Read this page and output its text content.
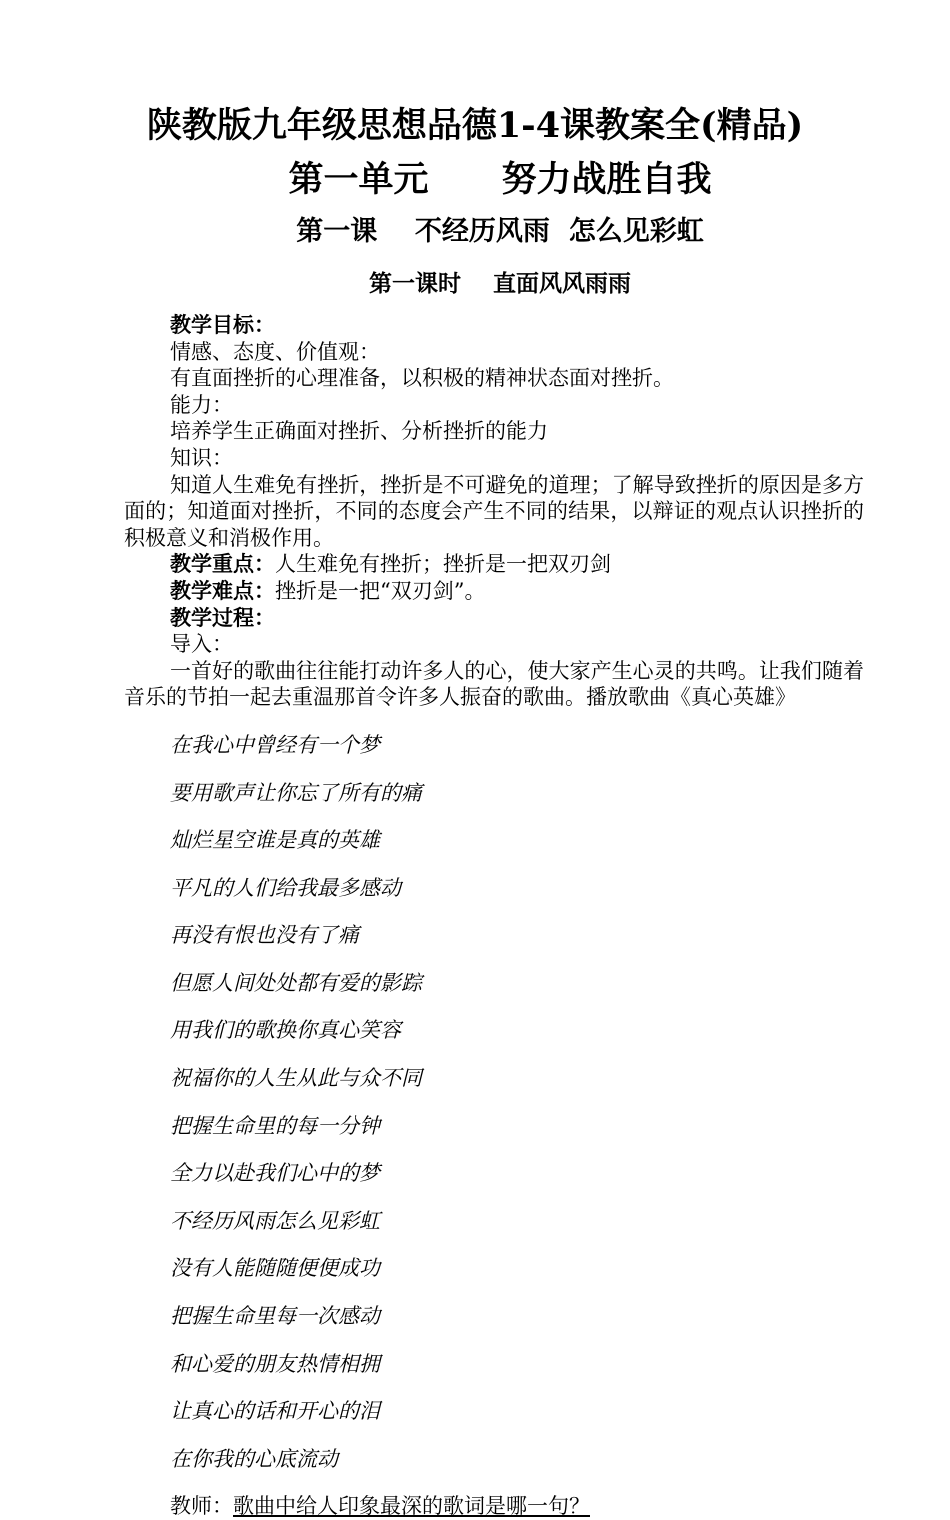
陕教版九年级思想品德1-4课教案全(精品)
第一单元      努力战胜自我
第一课    不经历风雨  怎么见彩虹
第一课时    直面风风雨雨

教学目标：

情感、态度、价值观：

有直面挫折的心理准备，以积极的精神状态面对挫折。

能力：

培养学生正确面对挫折、分析挫折的能力

知识：

知道人生难免有挫折，挫折是不可避免的道理；了解导致挫折的原因是多方面的；知道面对挫折，不同的态度会产生不同的结果，以辩证的观点认识挫折的积极意义和消极作用。

教学重点：人生难免有挫折；挫折是一把双刃剑

教学难点：挫折是一把“双刃剑”。

教学过程：

导入：

一首好的歌曲往往能打动许多人的心，使大家产生心灵的共鸣。让我们随着音乐的节拍一起去重温那首令许多人振奋的歌曲。播放歌曲《真心英雄》

在我心中曾经有一个梦

要用歌声让你忘了所有的痛

灿烂星空谁是真的英雄

平凡的人们给我最多感动

再没有恨也没有了痛

但愿人间处处都有爱的影踪

用我们的歌换你真心笑容

祝福你的人生从此与众不同

把握生命里的每一分钟

全力以赴我们心中的梦

不经历风雨怎么见彩虹

没有人能随随便便成功

把握生命里每一次感动

和心爱的朋友热情相拥

让真心的话和开心的泪

在你我的心底流动

教师：歌曲中给人印象最深的歌词是哪一句？
